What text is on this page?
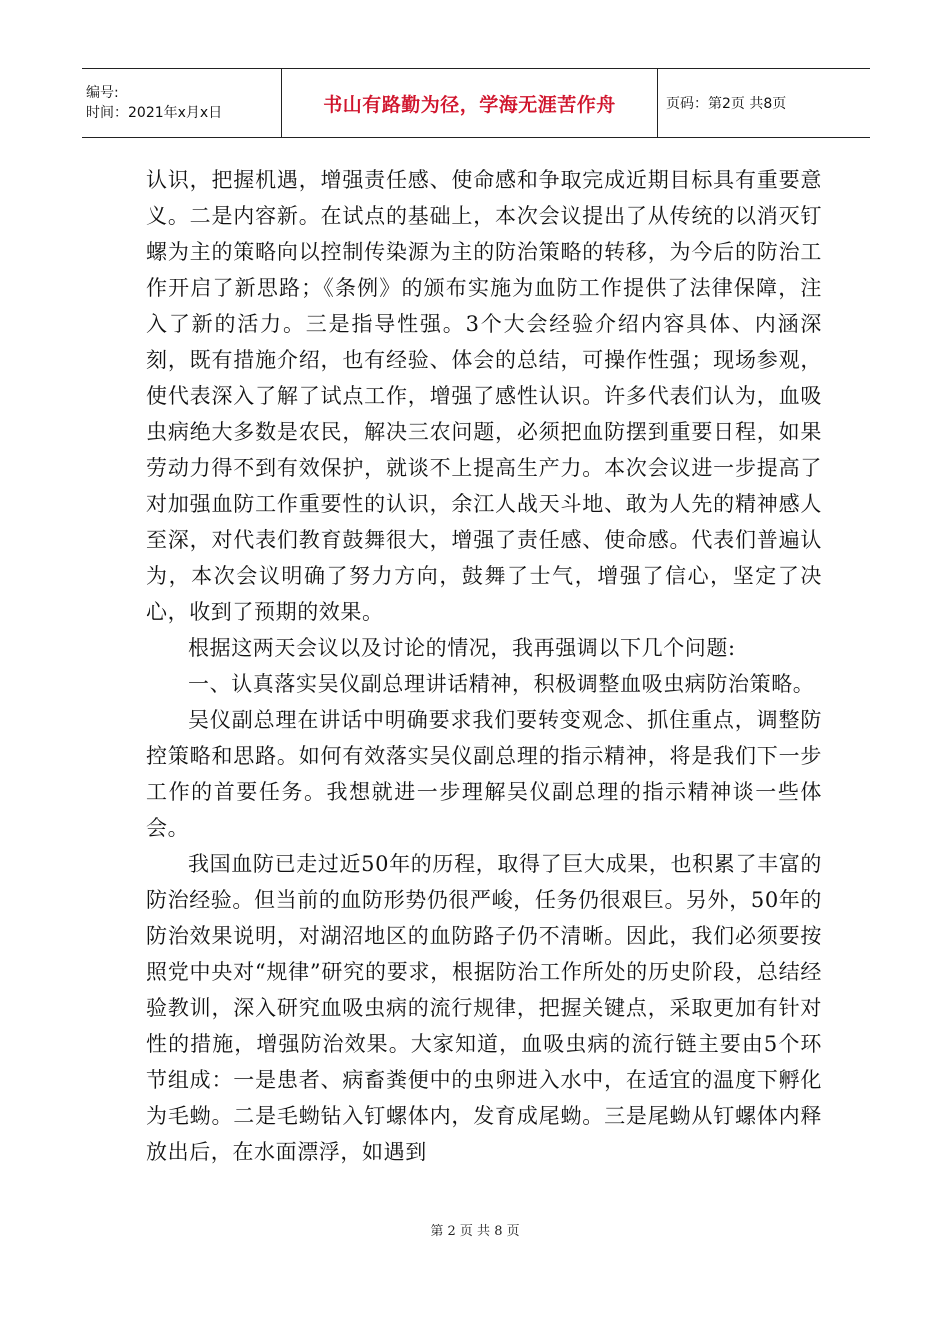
编号:
时间：2021年x月x日	书山有路勤为径，学海无涯苦作舟	页码：第2页 共8页

认识，把握机遇，增强责任感、使命感和争取完成近期目标具有重要意义。二是内容新。在试点的基础上，本次会议提出了从传统的以消灭钉螺为主的策略向以控制传染源为主的防治策略的转移，为今后的防治工作开启了新思路；《条例》的颁布实施为血防工作提供了法律保障，注入了新的活力。三是指导性强。3个大会经验介绍内容具体、内涵深刻，既有措施介绍，也有经验、体会的总结，可操作性强；现场参观，使代表深入了解了试点工作，增强了感性认识。许多代表们认为，血吸虫病绝大多数是农民，解决三农问题，必须把血防摆到重要日程，如果劳动力得不到有效保护，就谈不上提高生产力。本次会议进一步提高了对加强血防工作重要性的认识，余江人战天斗地、敢为人先的精神感人至深，对代表们教育鼓舞很大，增强了责任感、使命感。代表们普遍认为，本次会议明确了努力方向，鼓舞了士气，增强了信心，坚定了决心，收到了预期的效果。

根据这两天会议以及讨论的情况，我再强调以下几个问题:

一、认真落实吴仪副总理讲话精神，积极调整血吸虫病防治策略。

吴仪副总理在讲话中明确要求我们要转变观念、抓住重点，调整防控策略和思路。如何有效落实吴仪副总理的指示精神，将是我们下一步工作的首要任务。我想就进一步理解吴仪副总理的指示精神谈一些体会。

我国血防已走过近50年的历程，取得了巨大成果，也积累了丰富的防治经验。但当前的血防形势仍很严峻，任务仍很艰巨。另外，50年的防治效果说明，对湖沼地区的血防路子仍不清晰。因此，我们必须要按照党中央对“规律”研究的要求，根据防治工作所处的历史阶段，总结经验教训，深入研究血吸虫病的流行规律，把握关键点，采取更加有针对性的措施，增强防治效果。大家知道，血吸虫病的流行链主要由5个环节组成：一是患者、病畜粪便中的虫卵进入水中，在适宜的温度下孵化为毛蚴。二是毛蚴钻入钉螺体内，发育成尾蚴。三是尾蚴从钉螺体内释放出后，在水面漂浮，如遇到

第 2 页 共 8 页
